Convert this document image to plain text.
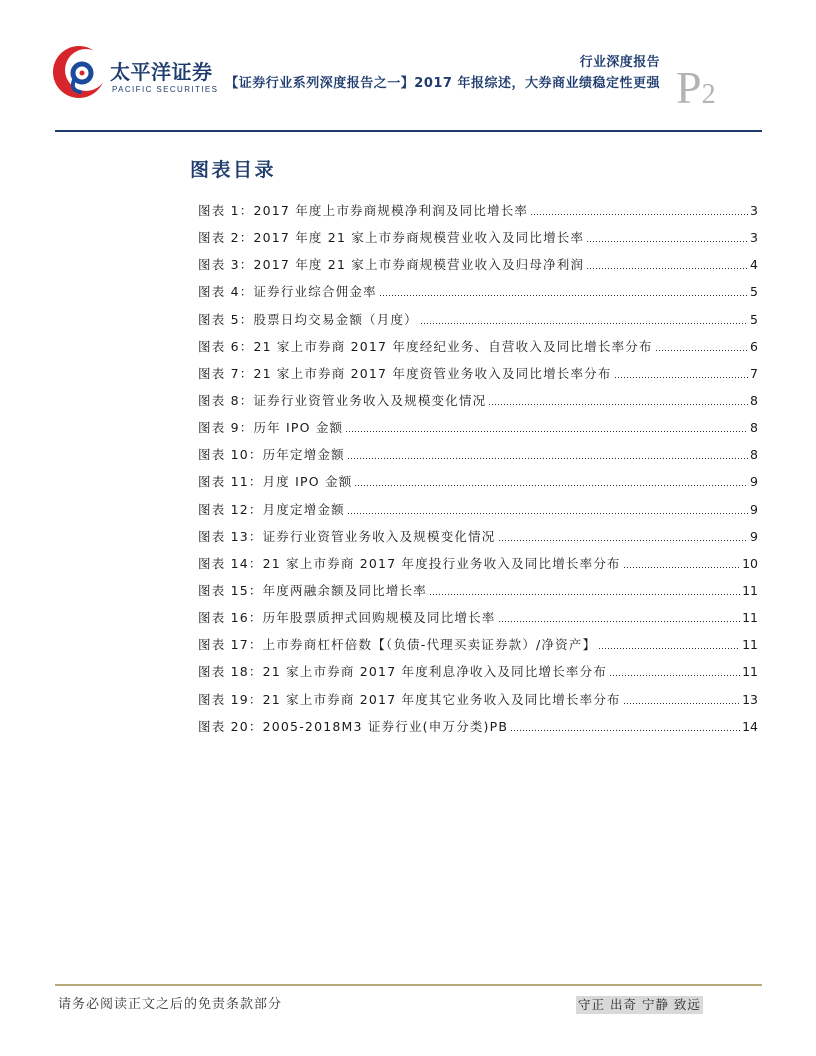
太平洋证券
PACIFIC SECURITIES
行业深度报告
【证券行业系列深度报告之一】2017 年报综述，大券商业绩稳定性更强 P2
图表目录
图表 1： 2017 年度上市券商规模净利润及同比增长率	3
图表 2： 2017 年度 21 家上市券商规模营业收入及同比增长率	3
图表 3： 2017 年度 21 家上市券商规模营业收入及归母净利润	4
图表 4： 证券行业综合佣金率	5
图表 5： 股票日均交易金额（月度）	5
图表 6： 21 家上市券商 2017 年度经纪业务、自营收入及同比增长率分布	6
图表 7： 21 家上市券商 2017 年度资管业务收入及同比增长率分布	7
图表 8： 证券行业资管业务收入及规模变化情况	8
图表 9： 历年 IPO 金额	8
图表 10： 历年定增金额	8
图表 11： 月度 IPO 金额	9
图表 12： 月度定增金额	9
图表 13： 证券行业资管业务收入及规模变化情况	9
图表 14： 21 家上市券商 2017 年度投行业务收入及同比增长率分布	10
图表 15： 年度两融余额及同比增长率	11
图表 16： 历年股票质押式回购规模及同比增长率	11
图表 17： 上市券商杠杆倍数【（负债-代理买卖证券款）/净资产】	11
图表 18： 21 家上市券商 2017 年度利息净收入及同比增长率分布	11
图表 19： 21 家上市券商 2017 年度其它业务收入及同比增长率分布	13
图表 20： 2005-2018M3 证券行业(申万分类)PB	14
请务必阅读正文之后的免责条款部分	守正 出奇 宁静 致远
